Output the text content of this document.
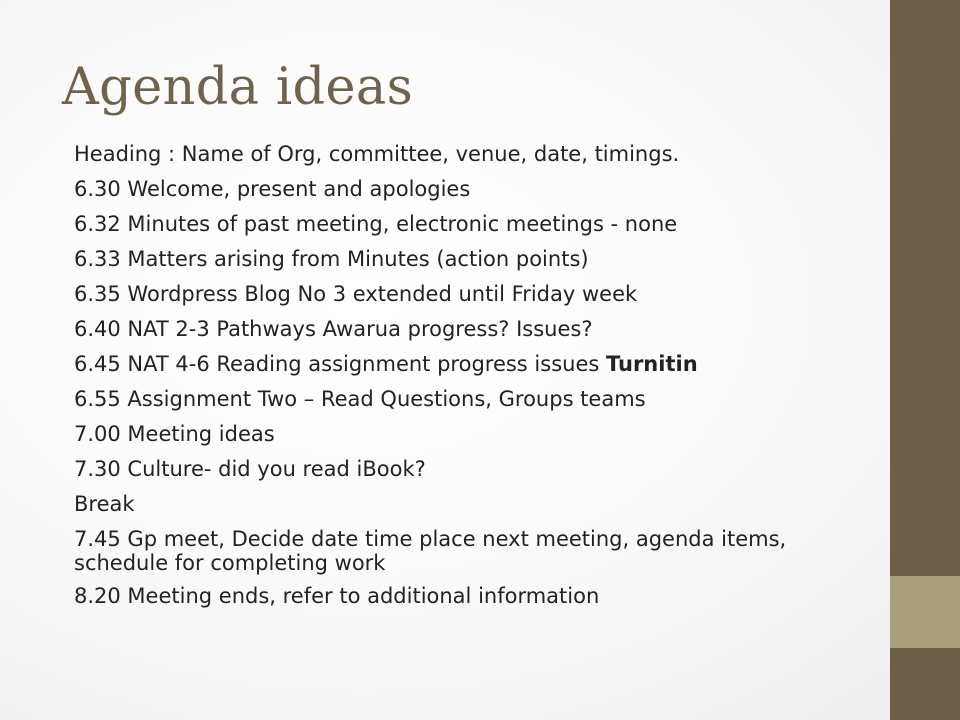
Agenda ideas
Heading : Name of Org, committee, venue, date, timings.
6.30 Welcome, present and apologies
6.32 Minutes of past meeting, electronic meetings - none
6.33 Matters arising from Minutes (action points)
6.35 Wordpress Blog No 3 extended until Friday week
6.40 NAT 2-3 Pathways Awarua progress? Issues?
6.45 NAT 4-6 Reading assignment progress issues Turnitin
6.55 Assignment Two – Read Questions, Groups teams
7.00 Meeting ideas
7.30 Culture- did you read iBook?
Break
7.45 Gp meet, Decide date time place next meeting, agenda items, schedule for completing work
8.20 Meeting ends, refer to additional information
